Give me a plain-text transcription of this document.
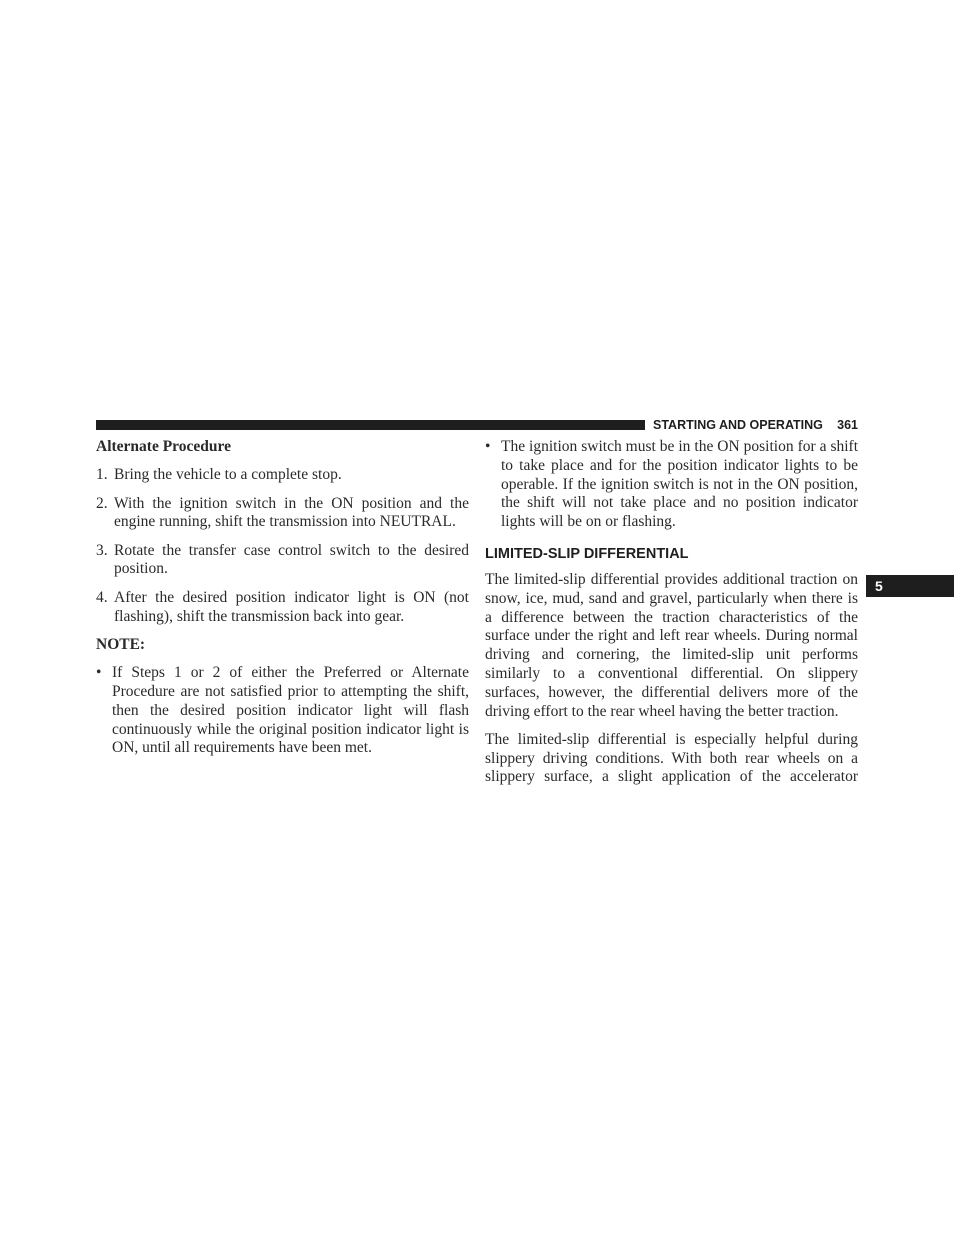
STARTING AND OPERATING 361

Alternate Procedure

1. Bring the vehicle to a complete stop.
2. With the ignition switch in the ON position and the engine running, shift the transmission into NEUTRAL.
3. Rotate the transfer case control switch to the desired position.
4. After the desired position indicator light is ON (not flashing), shift the transmission back into gear.

NOTE:

• If Steps 1 or 2 of either the Preferred or Alternate Procedure are not satisfied prior to attempting the shift, then the desired position indicator light will flash continuously while the original position indicator light is ON, until all requirements have been met.
• The ignition switch must be in the ON position for a shift to take place and for the position indicator lights to be operable. If the ignition switch is not in the ON position, the shift will not take place and no position indicator lights will be on or flashing.
LIMITED-SLIP DIFFERENTIAL

The limited-slip differential provides additional traction on snow, ice, mud, sand and gravel, particularly when there is a difference between the traction characteristics of the surface under the right and left rear wheels. During normal driving and cornering, the limited-slip unit performs similarly to a conventional differential. On slippery surfaces, however, the differential delivers more of the driving effort to the rear wheel having the better traction.

The limited-slip differential is especially helpful during slippery driving conditions. With both rear wheels on a slippery surface, a slight application of the accelerator

5
